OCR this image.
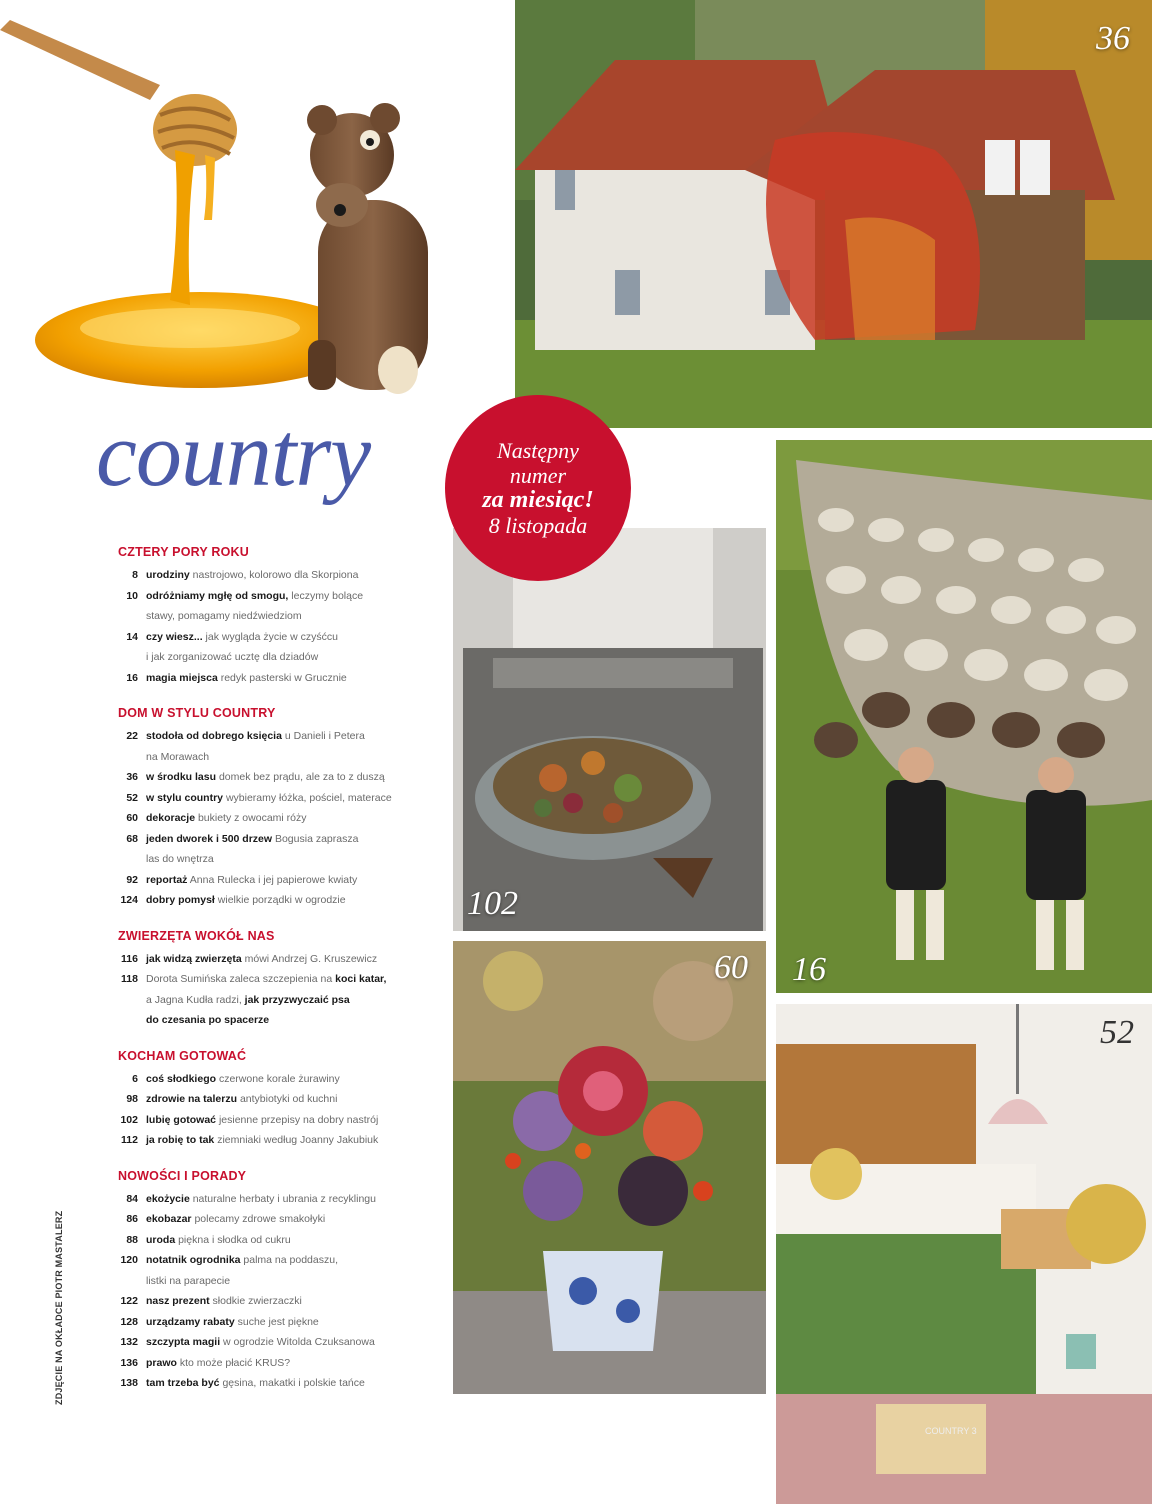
country	Następny
numer
za miesiąc!
8 listopada
36
102
16
60
52
CZTERY PORY ROKU
8 urodziny nastrojowo, kolorowo dla Skorpiona
10 odróżniamy mgłę od smogu, leczymy bolące
stawy, pomagamy niedźwiedziom
14 czy wiesz... jak wygląda życie w czyśćcu
i jak zorganizować ucztę dla dziadów
16 magia miejsca redyk pasterski w Grucznie
DOM W STYLU COUNTRY
22 stodoła od dobrego księcia u Danieli i Petera
na Morawach
36 w środku lasu domek bez prądu, ale za to z duszą
52 w stylu country wybieramy łóżka, pościel, materace
60 dekoracje bukiety z owocami róży
68 jeden dworek i 500 drzew Bogusia zaprasza
las do wnętrza
92 reportaż Anna Rulecka i jej papierowe kwiaty
124 dobry pomysł wielkie porządki w ogrodzie
ZWIERZĘTA WOKÓŁ NAS
116 jak widzą zwierzęta mówi Andrzej G. Kruszewicz
118 Dorota Sumińska zaleca szczepienia na koci katar,
a Jagna Kudła radzi, jak przyzwyczaić psa
do czesania po spacerze
KOCHAM GOTOWAĆ
6 coś słodkiego czerwone korale żurawiny
98 zdrowie na talerzu antybiotyki od kuchni
102 lubię gotować jesienne przepisy na dobry nastrój
112 ja robię to tak ziemniaki według Joanny Jakubiuk
NOWOŚCI I PORADY
84 ekożycie naturalne herbaty i ubrania z recyklingu
86 ekobazar polecamy zdrowe smakołyki
88 uroda piękna i słodka od cukru
120 notatnik ogrodnika palma na poddaszu,
listki na parapecie
122 nasz prezent słodkie zwierzaczki
128 urządzamy rabaty suche jest piękne
132 szczypta magii w ogrodzie Witolda Czuksanowa
136 prawo kto może płacić KRUS?
138 tam trzeba być gęsina, makatki i polskie tańce
ZDJĘCIE NA OKŁADCE PIOTR MASTALERZ
COUNTRY 3
